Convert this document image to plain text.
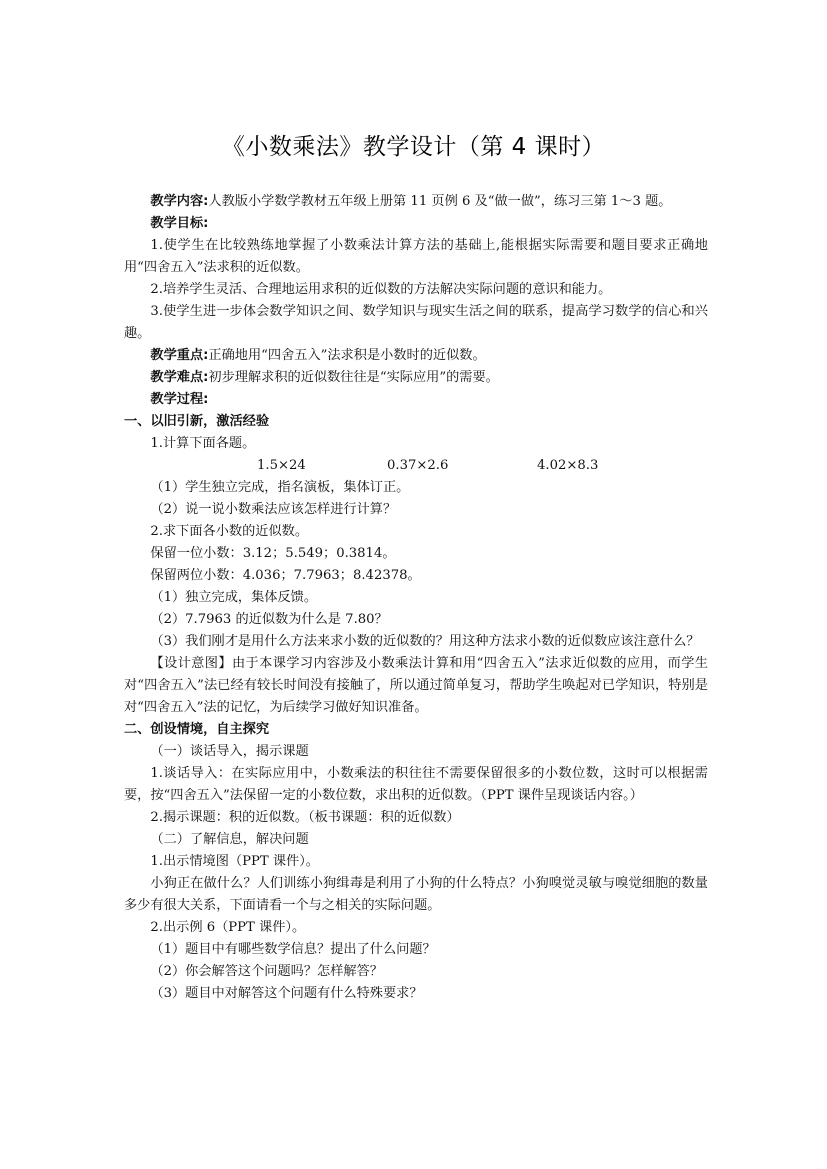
《小数乘法》教学设计（第 4 课时）

教学内容:人教版小学数学教材五年级上册第 11 页例 6 及“做一做”，练习三第 1～3 题。

教学目标:

1.使学生在比较熟练地掌握了小数乘法计算方法的基础上,能根据实际需要和题目要求正确地用“四舍五入”法求积的近似数。

2.培养学生灵活、合理地运用求积的近似数的方法解决实际问题的意识和能力。

3.使学生进一步体会数学知识之间、数学知识与现实生活之间的联系，提高学习数学的信心和兴趣。

教学重点:正确地用“四舍五入”法求积是小数时的近似数。

教学难点:初步理解求积的近似数往往是“实际应用”的需要。

教学过程:

一、以旧引新，激活经验

1.计算下面各题。

1.5×24	0.37×2.6	4.02×8.3

（1）学生独立完成，指名演板，集体订正。

（2）说一说小数乘法应该怎样进行计算？

2.求下面各小数的近似数。

保留一位小数：3.12；5.549；0.3814。

保留两位小数：4.036；7.7963；8.42378。

（1）独立完成，集体反馈。

（2）7.7963 的近似数为什么是 7.80？

（3）我们刚才是用什么方法来求小数的近似数的？用这种方法求小数的近似数应该注意什么？

【设计意图】由于本课学习内容涉及小数乘法计算和用“四舍五入”法求近似数的应用，而学生对“四舍五入”法已经有较长时间没有接触了，所以通过简单复习，帮助学生唤起对已学知识，特别是对“四舍五入”法的记忆，为后续学习做好知识准备。

二、创设情境，自主探究

（一）谈话导入，揭示课题

1.谈话导入：在实际应用中，小数乘法的积往往不需要保留很多的小数位数，这时可以根据需要，按“四舍五入”法保留一定的小数位数，求出积的近似数。（PPT 课件呈现谈话内容。）

2.揭示课题：积的近似数。（板书课题：积的近似数）

（二）了解信息，解决问题

1.出示情境图（PPT 课件）。

小狗正在做什么？人们训练小狗缉毒是利用了小狗的什么特点？小狗嗅觉灵敏与嗅觉细胞的数量多少有很大关系，下面请看一个与之相关的实际问题。

2.出示例 6（PPT 课件）。

（1）题目中有哪些数学信息？提出了什么问题？

（2）你会解答这个问题吗？怎样解答？

（3）题目中对解答这个问题有什么特殊要求？
